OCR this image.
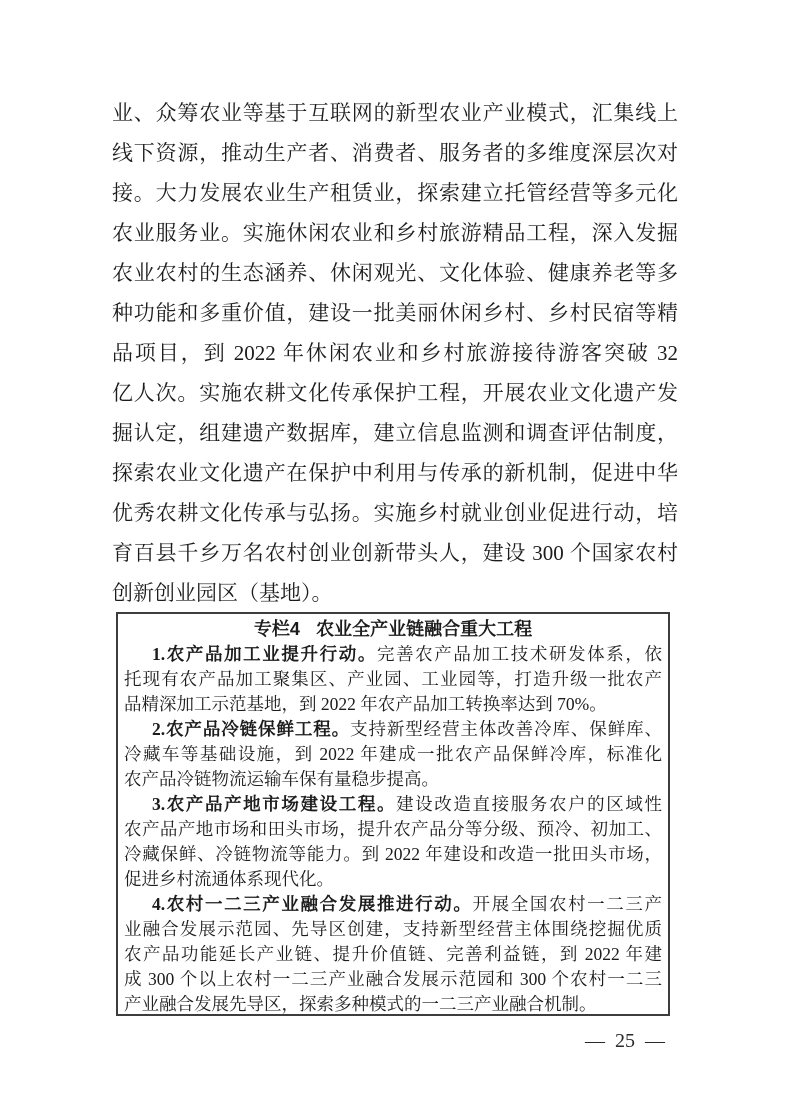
业、众筹农业等基于互联网的新型农业产业模式，汇集线上
线下资源，推动生产者、消费者、服务者的多维度深层次对
接。大力发展农业生产租赁业，探索建立托管经营等多元化
农业服务业。实施休闲农业和乡村旅游精品工程，深入发掘
农业农村的生态涵养、休闲观光、文化体验、健康养老等多
种功能和多重价值，建设一批美丽休闲乡村、乡村民宿等精
品项目，到 2022 年休闲农业和乡村旅游接待游客突破 32
亿人次。实施农耕文化传承保护工程，开展农业文化遗产发
掘认定，组建遗产数据库，建立信息监测和调查评估制度，
探索农业文化遗产在保护中利用与传承的新机制，促进中华
优秀农耕文化传承与弘扬。实施乡村就业创业促进行动，培
育百县千乡万名农村创业创新带头人，建设 300 个国家农村
创新创业园区（基地）。
专栏4 农业全产业链融合重大工程
1.农产品加工业提升行动。完善农产品加工技术研发体系，依
托现有农产品加工聚集区、产业园、工业园等，打造升级一批农产
品精深加工示范基地，到 2022 年农产品加工转换率达到 70%。
2.农产品冷链保鲜工程。支持新型经营主体改善冷库、保鲜库、
冷藏车等基础设施，到 2022 年建成一批农产品保鲜冷库，标准化
农产品冷链物流运输车保有量稳步提高。
3.农产品产地市场建设工程。建设改造直接服务农户的区域性
农产品产地市场和田头市场，提升农产品分等分级、预冷、初加工、
冷藏保鲜、冷链物流等能力。到 2022 年建设和改造一批田头市场，
促进乡村流通体系现代化。
4.农村一二三产业融合发展推进行动。开展全国农村一二三产
业融合发展示范园、先导区创建，支持新型经营主体围绕挖掘优质
农产品功能延长产业链、提升价值链、完善利益链，到 2022 年建
成 300 个以上农村一二三产业融合发展示范园和 300 个农村一二三
产业融合发展先导区，探索多种模式的一二三产业融合机制。
— 25 —
